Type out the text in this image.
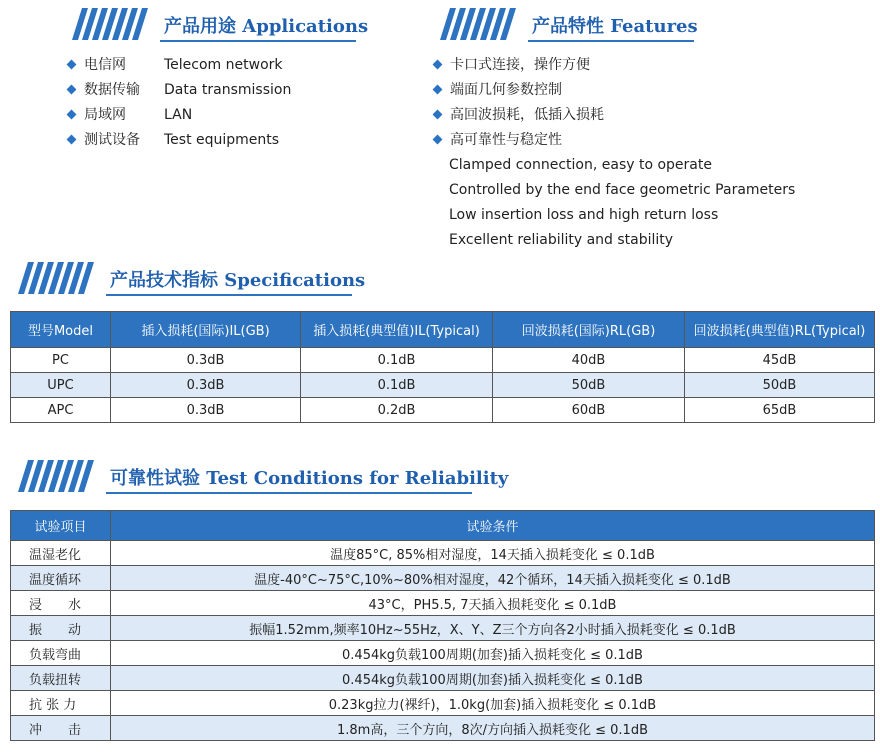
产品用途 Applications
电信网	Telecom network
数据传输 Data transmission
局域网	LAN
测试设备 Test equipments
产品特性 Features
卡口式连接，操作方便
端面几何参数控制
高回波损耗，低插入损耗
高可靠性与稳定性
Clamped connection, easy to operate
Controlled by the end face geometric Parameters
Low insertion loss and high return loss
Excellent reliability and stability
产品技术指标 Specifications
型号Model	插入损耗(国际)IL(GB)	插入损耗(典型值)IL(Typical)	回波损耗(国际)RL(GB)	回波损耗(典型值)RL(Typical)
PC	0.3dB	0.1dB	40dB	45dB
UPC	0.3dB	0.1dB	50dB	50dB
APC	0.3dB	0.2dB	60dB	65dB
可靠性试验 Test Conditions for Reliability
试验项目	试验条件
温湿老化	温度85°C, 85%相对湿度，14天插入损耗变化 ≤ 0.1dB
温度循环	温度-40°C~75°C,10%~80%相对湿度，42个循环，14天插入损耗变化 ≤ 0.1dB
浸　　水	43°C，PH5.5, 7天插入损耗变化 ≤ 0.1dB
振　　动	振幅1.52mm,频率10Hz~55Hz，X、Y、Z三个方向各2小时插入损耗变化 ≤ 0.1dB
负载弯曲	0.454kg负载100周期(加套)插入损耗变化 ≤ 0.1dB
负载扭转	0.454kg负载100周期(加套)插入损耗变化 ≤ 0.1dB
抗 张 力	0.23kg拉力(裸纤)，1.0kg(加套)插入损耗变化 ≤ 0.1dB
冲　　击	1.8m高，三个方向，8次/方向插入损耗变化 ≤ 0.1dB
